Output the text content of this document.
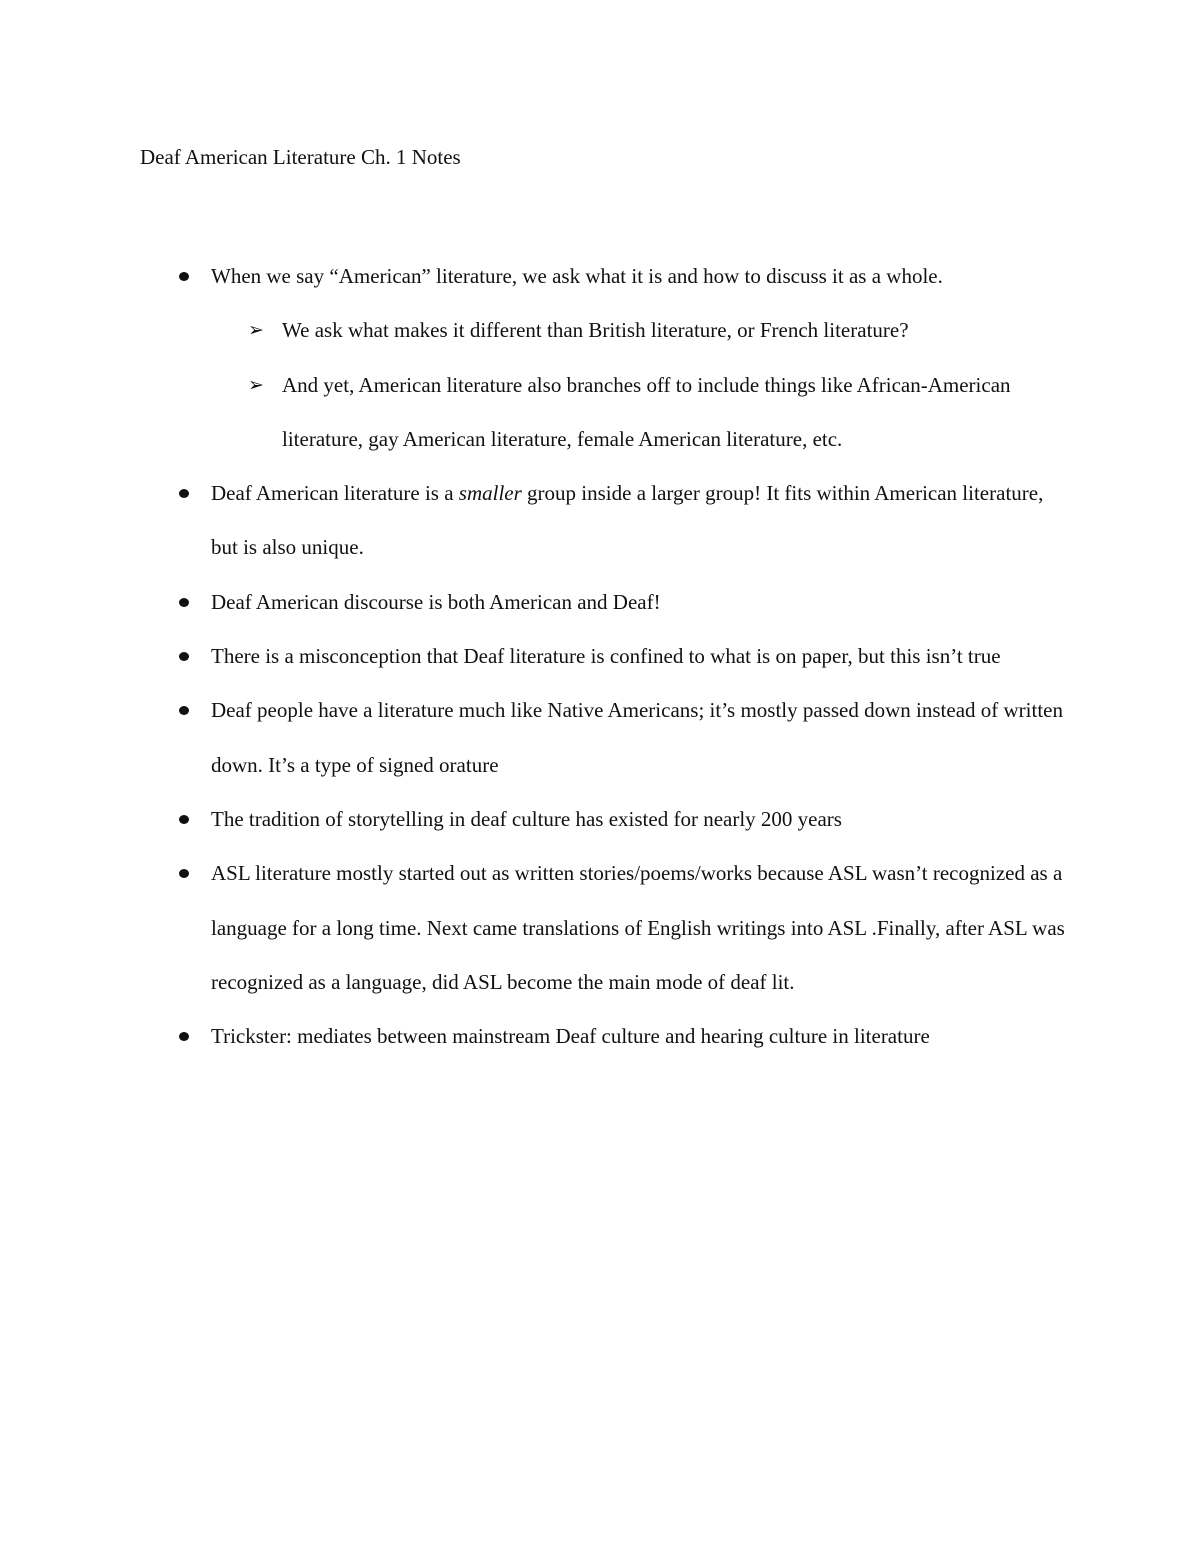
Deaf American Literature Ch. 1 Notes
When we say “American” literature, we ask what it is and how to discuss it as a whole.
➢ We ask what makes it different than British literature, or French literature?
➢ And yet, American literature also branches off to include things like African-American literature, gay American literature, female American literature, etc.
Deaf American literature is a smaller group inside a larger group! It fits within American literature, but is also unique.
Deaf American discourse is both American and Deaf!
There is a misconception that Deaf literature is confined to what is on paper, but this isn’t true
Deaf people have a literature much like Native Americans; it’s mostly passed down instead of written down. It’s a type of signed orature
The tradition of storytelling in deaf culture has existed for nearly 200 years
ASL literature mostly started out as written stories/poems/works because ASL wasn’t recognized as a language for a long time. Next came translations of English writings into ASL .Finally, after ASL was recognized as a language, did ASL become the main mode of deaf lit.
Trickster: mediates between mainstream Deaf culture and hearing culture in literature
